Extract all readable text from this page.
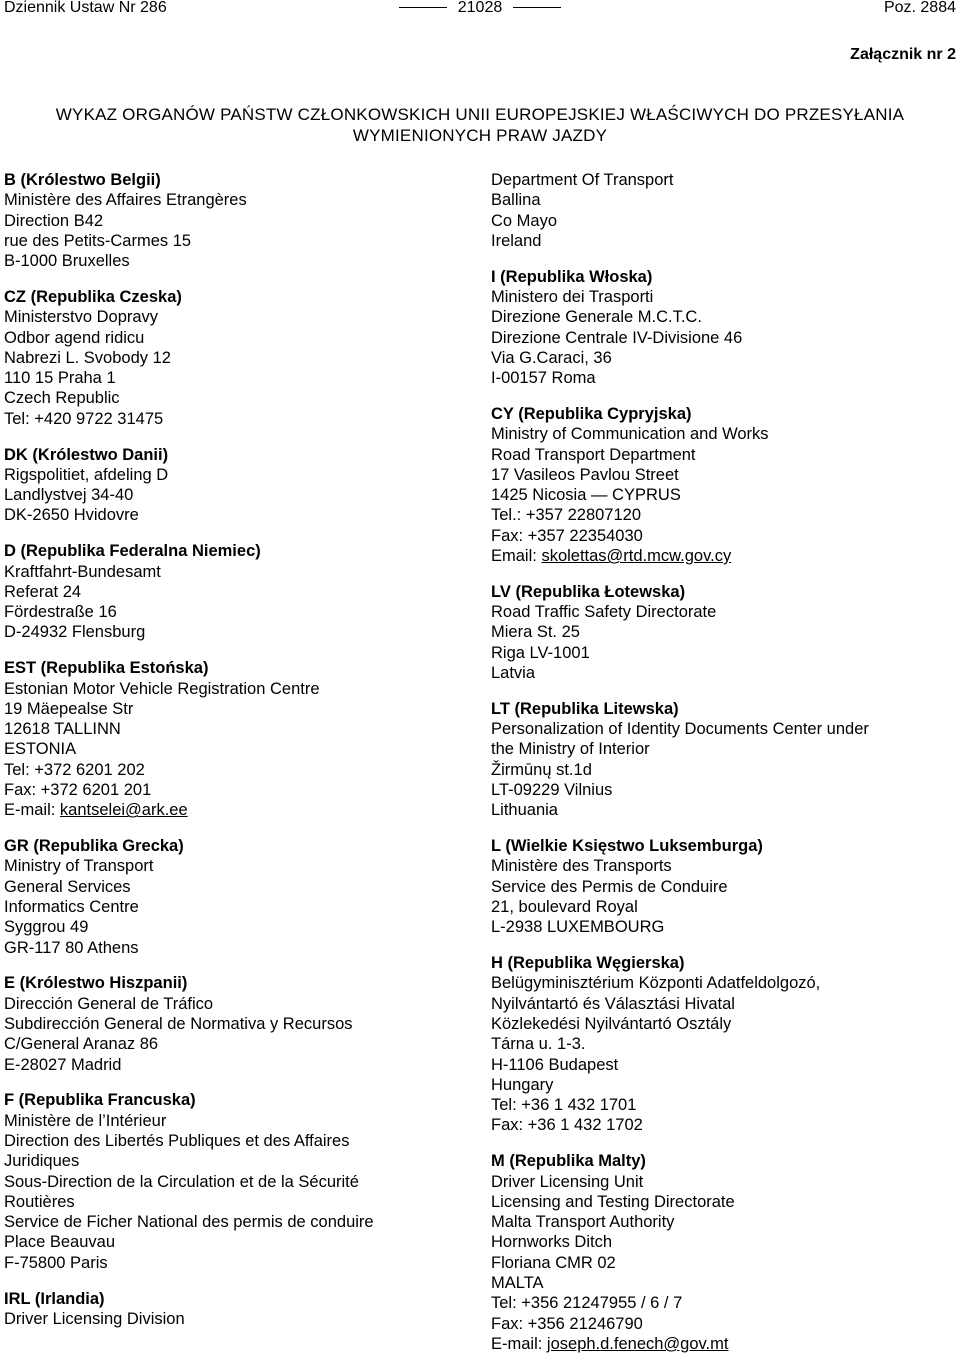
Dziennik Ustaw Nr 286	21028	Poz. 2884
Załącznik nr 2
WYKAZ ORGANÓW PAŃSTW CZŁONKOWSKICH UNII EUROPEJSKIEJ WŁAŚCIWYCH DO PRZESYŁANIA
WYMIENIONYCH PRAW JAZDY
B (Królestwo Belgii)
Ministère des Affaires Etrangères
Direction B42
rue des Petits-Carmes 15
B-1000 Bruxelles
CZ (Republika Czeska)
Ministerstvo Dopravy
Odbor agend ridicu
Nabrezi L. Svobody 12
110 15 Praha 1
Czech Republic
Tel: +420 9722 31475
DK (Królestwo Danii)
Rigspolitiet, afdeling D
Landlystvej 34-40
DK-2650 Hvidovre
D (Republika Federalna Niemiec)
Kraftfahrt-Bundesamt
Referat 24
Fördestraße 16
D-24932 Flensburg
EST (Republika Estońska)
Estonian Motor Vehicle Registration Centre
19 Mäepealse Str
12618 TALLINN
ESTONIA
Tel: +372 6201 202
Fax: +372 6201 201
E-mail: kantselei@ark.ee
GR (Republika Grecka)
Ministry of Transport
General Services
Informatics Centre
Syggrou 49
GR-117 80 Athens
E (Królestwo Hiszpanii)
Dirección General de Tráfico
Subdirección General de Normativa y Recursos
C/General Aranaz 86
E-28027 Madrid
F (Republika Francuska)
Ministère de l’Intérieur
Direction des Libertés Publiques et des Affaires
Juridiques
Sous-Direction de la Circulation et de la Sécurité
Routières
Service de Ficher National des permis de conduire
Place Beauvau
F-75800 Paris
IRL (Irlandia)
Driver Licensing Division
Department Of Transport
Ballina
Co Mayo
Ireland
I (Republika Włoska)
Ministero dei Trasporti
Direzione Generale M.C.T.C.
Direzione Centrale IV-Divisione 46
Via G.Caraci, 36
I-00157 Roma
CY (Republika Cypryjska)
Ministry of Communication and Works
Road Transport Department
17 Vasileos Pavlou Street
1425 Nicosia — CYPRUS
Tel.: +357 22807120
Fax: +357 22354030
Email: skolettas@rtd.mcw.gov.cy
LV (Republika Łotewska)
Road Traffic Safety Directorate
Miera St. 25
Riga LV-1001
Latvia
LT (Republika Litewska)
Personalization of Identity Documents Center under
the Ministry of Interior
Žirmūnų st.1d
LT-09229 Vilnius
Lithuania
L (Wielkie Księstwo Luksemburga)
Ministère des Transports
Service des Permis de Conduire
21, boulevard Royal
L-2938 LUXEMBOURG
H (Republika Węgierska)
Belügyminisztérium Központi Adatfeldolgozó,
Nyilvántartó és Választási Hivatal
Közlekedési Nyilvántartó Osztály
Tárna u. 1-3.
H-1106 Budapest
Hungary
Tel: +36 1 432 1701
Fax: +36 1 432 1702
M (Republika Malty)
Driver Licensing Unit
Licensing and Testing Directorate
Malta Transport Authority
Hornworks Ditch
Floriana CMR 02
MALTA
Tel: +356 21247955 / 6 / 7
Fax: +356 21246790
E-mail: joseph.d.fenech@gov.mt
